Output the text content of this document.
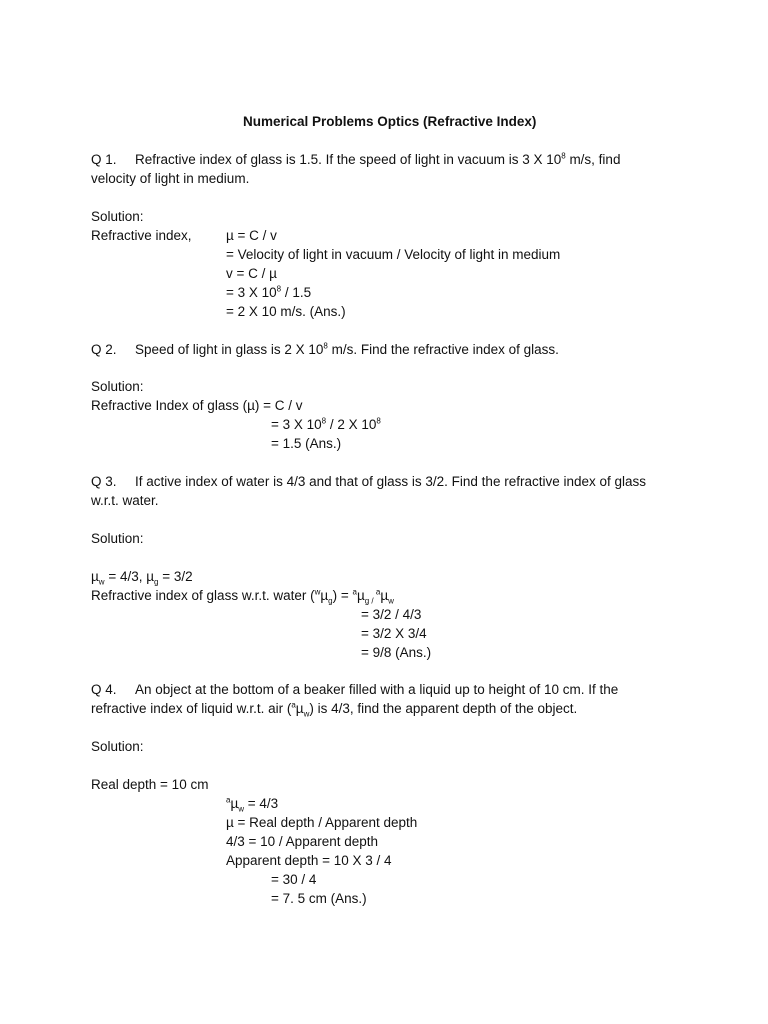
Numerical Problems Optics (Refractive Index)
Q 1. Refractive index of glass is 1.5. If the speed of light in vacuum is 3 X $10^8$ m/s, find
velocity of light in medium.
Solution:
Refractive index,	µ = C / v
= Velocity of light in vacuum / Velocity of light in medium
v = C / µ
= 3 X $10^8 / 1.5$
= 2 X 10 m/s. (Ans.)
Q 2. Speed of light in glass is 2 X $10^8$ m/s. Find the refractive index of glass.
Solution:
Refractive Index of glass (µ) = C / v
= 3 X $10^8 / 2$ X $10^8$
= 1.5 (Ans.)
Q 3. If active index of water is 4/3 and that of glass is 3/2. Find the refractive index of glass
w.r.t. water.
Solution:
µ$_w$ = 4/3, µ$_g$ = 3/2
Refractive index of glass w.r.t. water ($^w$µ$_g$) = $^a$µ$_{g /}$ $^a$µ$_w$
= 3/2 / 4/3
= 3/2 X 3/4
= 9/8 (Ans.)
Q 4. An object at the bottom of a beaker filled with a liquid up to height of 10 cm. If the
refractive index of liquid w.r.t. air ($^a$µ$_w$) is 4/3, find the apparent depth of the object.
Solution:
Real depth = 10 cm
$^a$µ$_w$ = 4/3
µ = Real depth / Apparent depth
4/3 = 10 / Apparent depth
Apparent depth = 10 X 3 / 4
= 30 / 4
= 7. 5 cm (Ans.)
